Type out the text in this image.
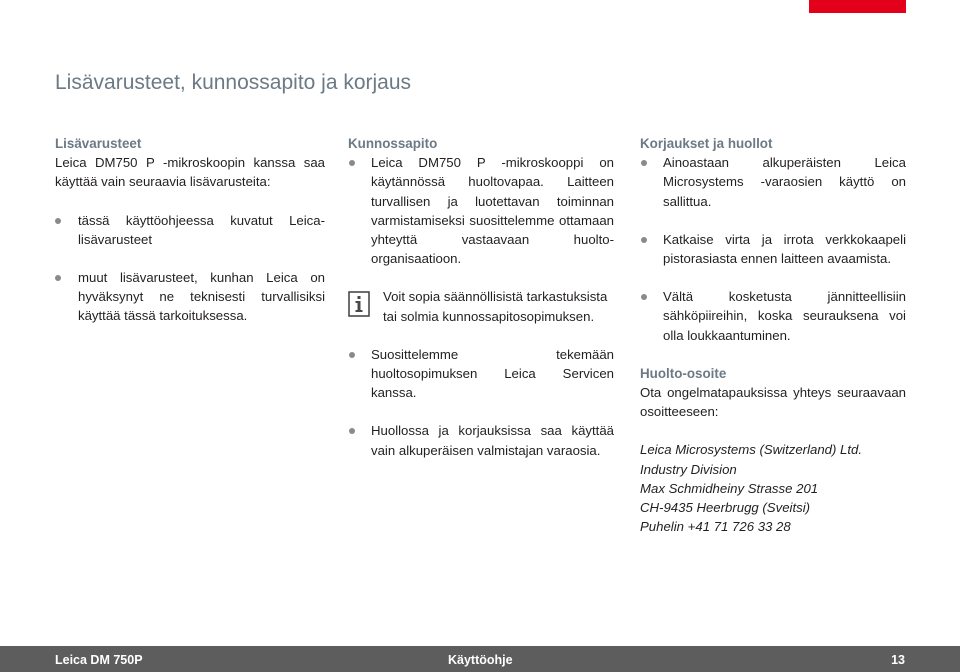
Lisävarusteet, kunnossapito ja korjaus
Lisävarusteet

Leica DM750 P -mikroskoopin kanssa saa käyttää vain seuraavia lisävarusteita:

tässä käyttöohjeessa kuvatut Leica-lisävarusteet

muut lisävarusteet, kunhan Leica on hyväksynyt ne teknisesti turvallisiksi käyttää tässä tarkoituksessa.

Kunnossapito

Leica DM750 P -mikroskooppi on käytännössä huoltovapaa. Laitteen turvallisen ja luotettavan toiminnan varmistamiseksi suosittelemme ottamaan yhteyttä vastaavaan huolto-organisaatioon.

Voit sopia säännöllisistä tarkastuksista tai solmia kunnossapitosopimuksen.

Suosittelemme tekemään huoltosopimuksen Leica Servicen kanssa.

Huollossa ja korjauksissa saa käyttää vain alkuperäisen valmistajan varaosia.

Korjaukset ja huollot

Ainoastaan alkuperäisten Leica Microsystems -varaosien käyttö on sallittua.

Katkaise virta ja irrota verkkokaapeli pistorasiasta ennen laitteen avaamista.

Vältä kosketusta jännitteellisiin sähköpiireihin, koska seurauksena voi olla loukkaantuminen.

Huolto-osoite

Ota ongelmatapauksissa yhteys seuraavaan osoitteeseen:

Leica Microsystems (Switzerland) Ltd.

Industry Division

Max Schmidheiny Strasse 201

CH-9435 Heerbrugg (Sveitsi)

Puhelin +41 71 726 33 28

Leica DM 750P	Käyttöohje	13
